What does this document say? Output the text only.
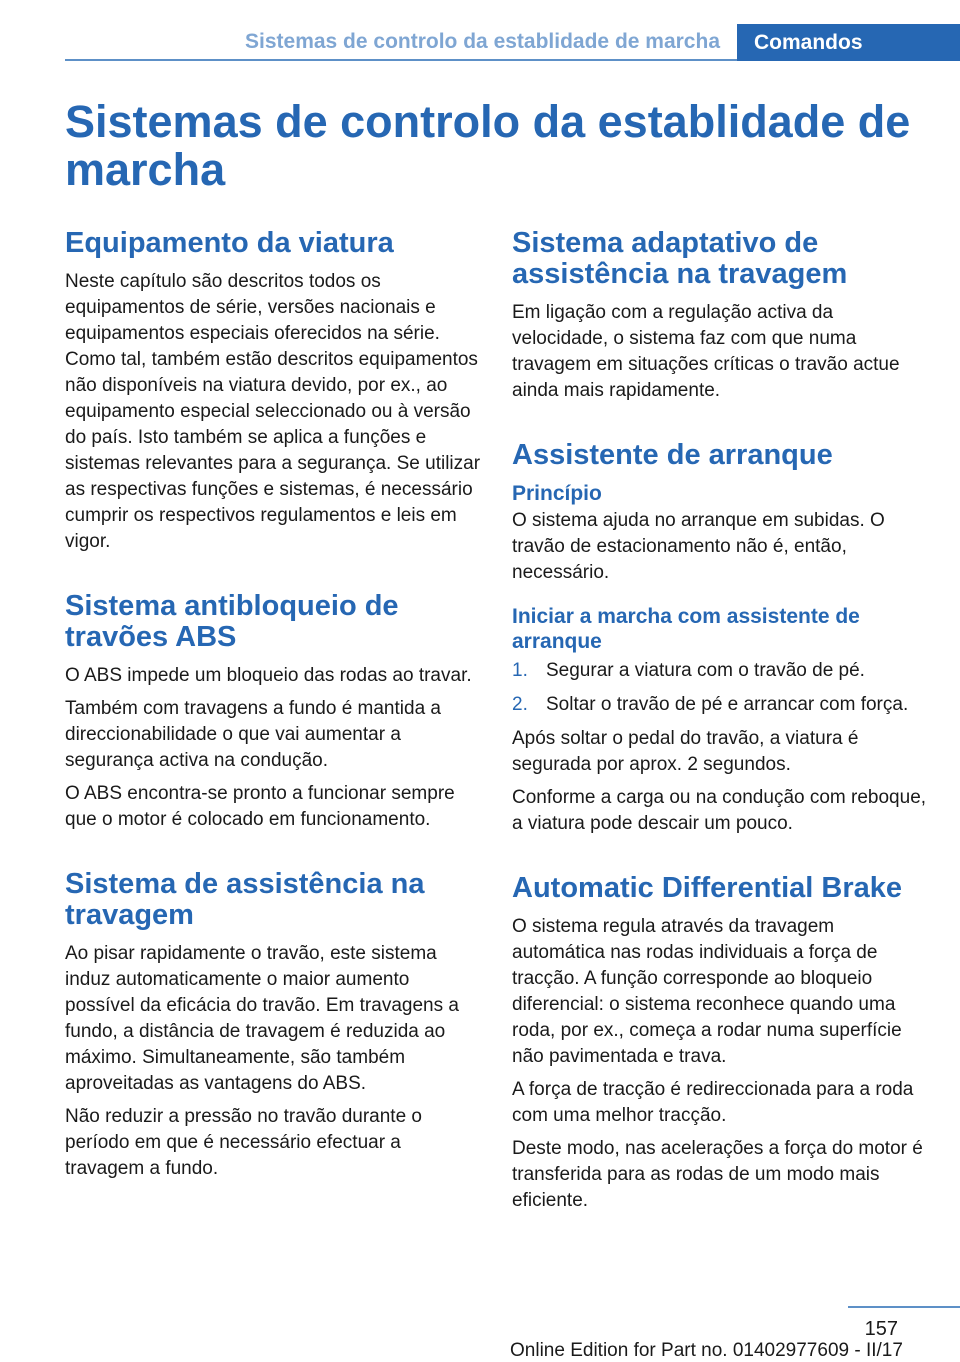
Sistemas de controlo da establidade de marcha	Comandos
Sistemas de controlo da establidade de marcha
Equipamento da viatura

Neste capítulo são descritos todos os equipamentos de série, versões nacionais e equipamentos especiais oferecidos na série. Como tal, também estão descritos equipamentos não disponíveis na viatura devido, por ex., ao equipamento especial seleccionado ou à versão do país. Isto também se aplica a funções e sistemas relevantes para a segurança. Se utilizar as respectivas funções e sistemas, é necessário cumprir os respectivos regulamentos e leis em vigor.

Sistema antibloqueio de travões ABS

O ABS impede um bloqueio das rodas ao travar.

Também com travagens a fundo é mantida a direccionabilidade o que vai aumentar a segurança activa na condução.

O ABS encontra-se pronto a funcionar sempre que o motor é colocado em funcionamento.

Sistema de assistência na travagem

Ao pisar rapidamente o travão, este sistema induz automaticamente o maior aumento possível da eficácia do travão. Em travagens a fundo, a distância de travagem é reduzida ao máximo. Simultaneamente, são também aproveitadas as vantagens do ABS.

Não reduzir a pressão no travão durante o período em que é necessário efectuar a travagem a fundo.

Sistema adaptativo de assistência na travagem

Em ligação com a regulação activa da velocidade, o sistema faz com que numa travagem em situações críticas o travão actue ainda mais rapidamente.

Assistente de arranque
Princípio

O sistema ajuda no arranque em subidas. O travão de estacionamento não é, então, necessário.

Iniciar a marcha com assistente de arranque
1. Segurar a viatura com o travão de pé.
2. Soltar o travão de pé e arrancar com força.

Após soltar o pedal do travão, a viatura é segurada por aprox. 2 segundos.

Conforme a carga ou na condução com reboque, a viatura pode descair um pouco.

Automatic Differential Brake

O sistema regula através da travagem automática nas rodas individuais a força de tracção. A função corresponde ao bloqueio diferencial: o sistema reconhece quando uma roda, por ex., começa a rodar numa superfície não pavimentada e trava.

A força de tracção é redireccionada para a roda com uma melhor tracção.

Deste modo, nas acelerações a força do motor é transferida para as rodas de um modo mais eficiente.

157
Online Edition for Part no. 01402977609 - II/17
